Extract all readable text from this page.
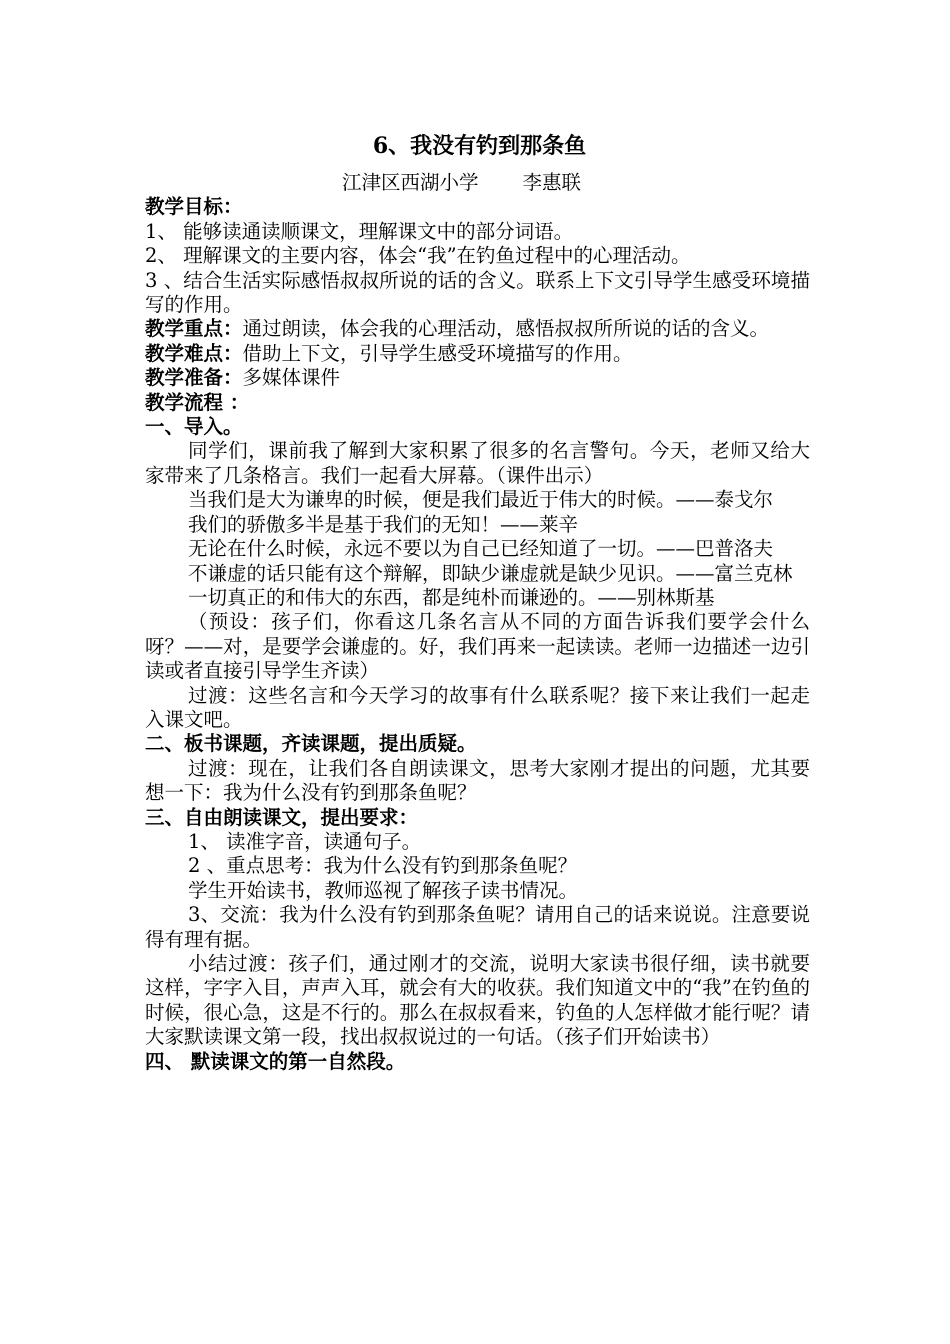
6、我没有钓到那条鱼

江津区西湖小学 李惠联

教学目标：

1、 能够读通读顺课文，理解课文中的部分词语。

2、 理解课文的主要内容，体会“我”在钓鱼过程中的心理活动。

3 、结合生活实际感悟叔叔所说的话的含义。联系上下文引导学生感受环境描写的作用。

教学重点：通过朗读，体会我的心理活动，感悟叔叔所所说的话的含义。

教学难点：借助上下文，引导学生感受环境描写的作用。

教学准备：多媒体课件

教学流程 ：

一、导入。

同学们，课前我了解到大家积累了很多的名言警句。今天，老师又给大家带来了几条格言。我们一起看大屏幕。（课件出示）

当我们是大为谦卑的时候，便是我们最近于伟大的时候。——泰戈尔

我们的骄傲多半是基于我们的无知！——莱辛

无论在什么时候，永远不要以为自己已经知道了一切。——巴普洛夫

不谦虚的话只能有这个辩解，即缺少谦虚就是缺少见识。——富兰克林

一切真正的和伟大的东西，都是纯朴而谦逊的。——别林斯基

（预设：孩子们，你看这几条名言从不同的方面告诉我们要学会什么呀？——对，是要学会谦虚的。好，我们再来一起读读。老师一边描述一边引读或者直接引导学生齐读）

过渡：这些名言和今天学习的故事有什么联系呢？接下来让我们一起走入课文吧。

二、板书课题，齐读课题，提出质疑。

过渡：现在，让我们各自朗读课文，思考大家刚才提出的问题，尤其要想一下：我为什么没有钓到那条鱼呢？

三、自由朗读课文，提出要求：

1、 读准字音，读通句子。

2 、重点思考：我为什么没有钓到那条鱼呢？

学生开始读书，教师巡视了解孩子读书情况。

3、交流：我为什么没有钓到那条鱼呢？请用自己的话来说说。注意要说得有理有据。

小结过渡：孩子们，通过刚才的交流，说明大家读书很仔细，读书就要这样，字字入目，声声入耳，就会有大的收获。我们知道文中的“我”在钓鱼的时候，很心急，这是不行的。那么在叔叔看来，钓鱼的人怎样做才能行呢？请大家默读课文第一段，找出叔叔说过的一句话。（孩子们开始读书）

四、 默读课文的第一自然段。
